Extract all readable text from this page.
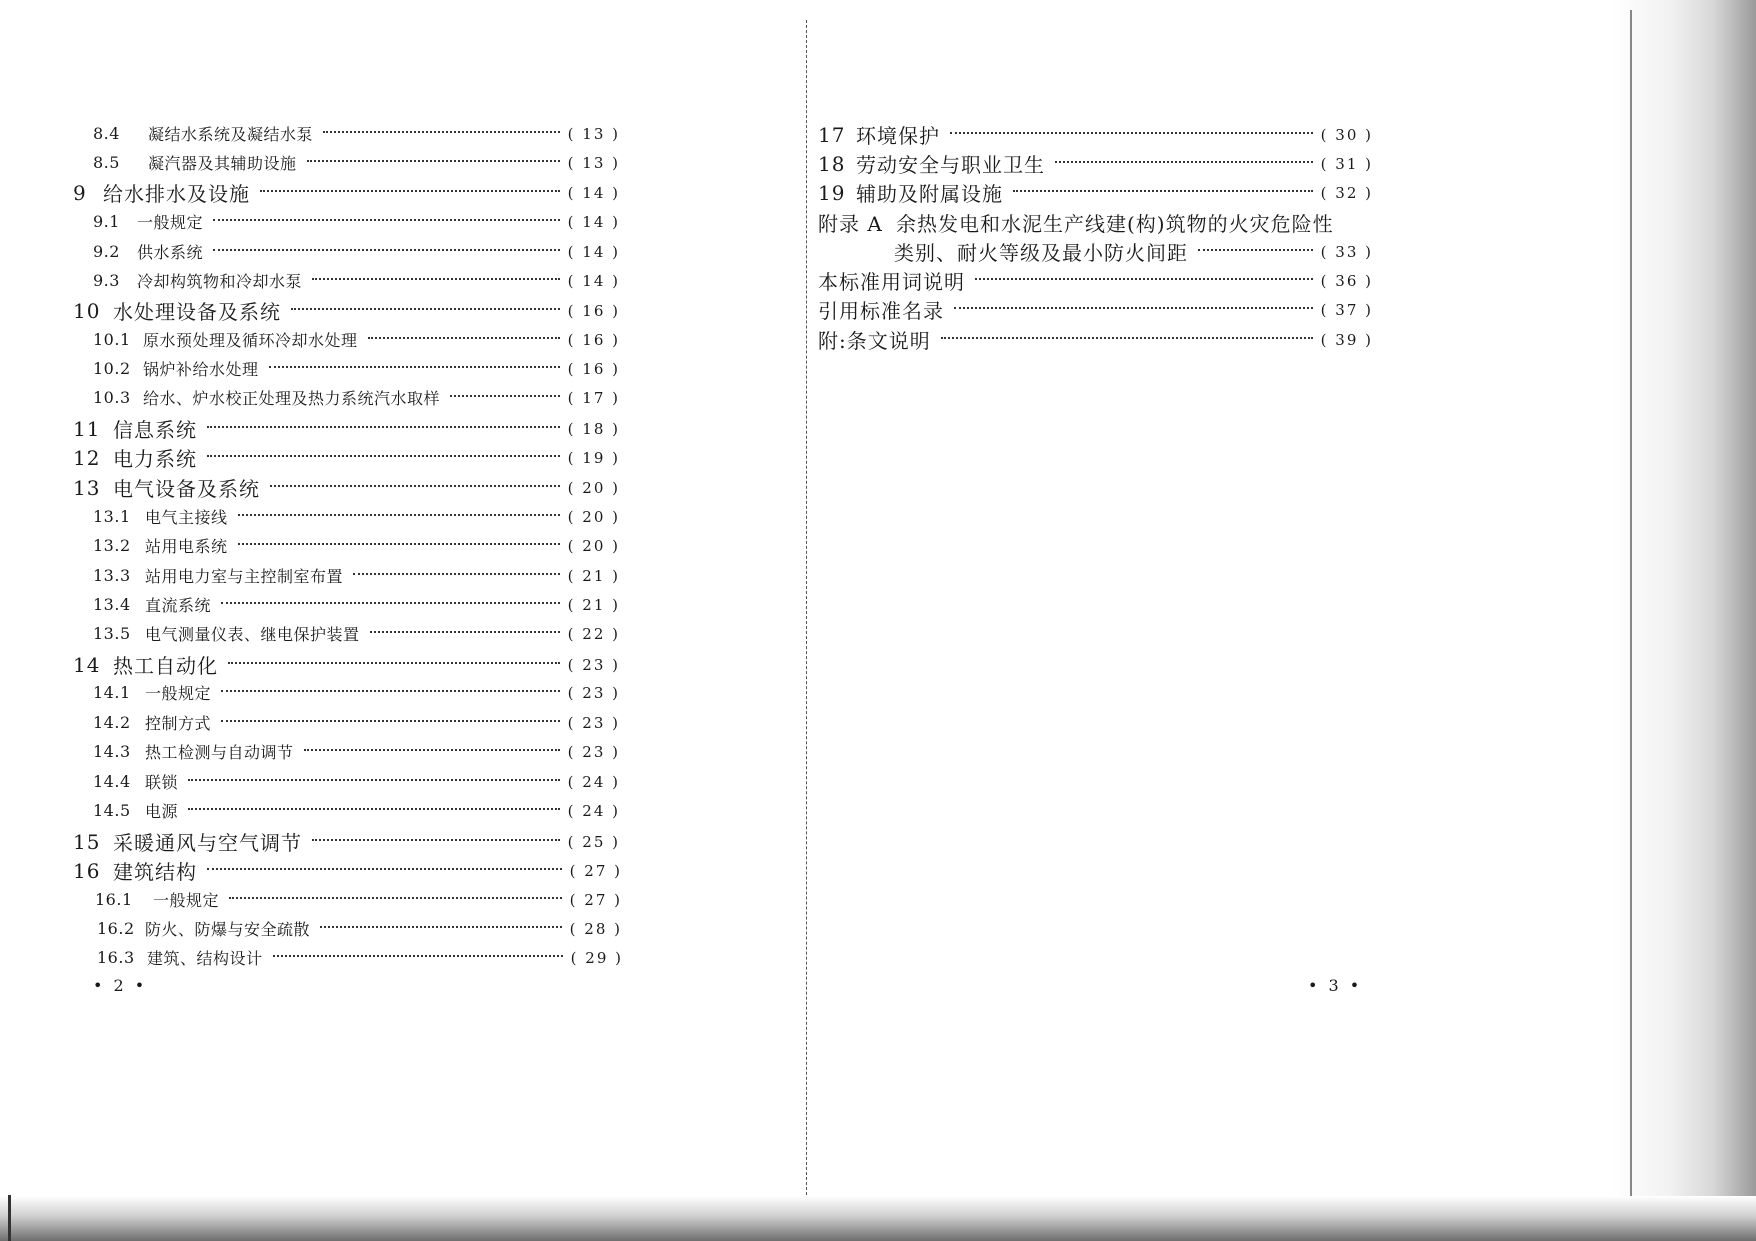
8.4	凝结水系统及凝结水泵	( 13 )
8.5	凝汽器及其辅助设施	( 13 )
9 给水排水及设施	( 14 )
9.1	一般规定	( 14 )
9.2	供水系统	( 14 )
9.3	冷却构筑物和冷却水泵	( 14 )
10 水处理设备及系统	( 16 )
10.1 原水预处理及循环冷却水处理	( 16 )
10.2 锅炉补给水处理	( 16 )
10.3 给水、炉水校正处理及热力系统汽水取样	( 17 )
11 信息系统	( 18 )
12 电力系统	( 19 )
13 电气设备及系统	( 20 )
13.1 电气主接线	( 20 )
13.2 站用电系统	( 20 )
13.3 站用电力室与主控制室布置	( 21 )
13.4 直流系统	( 21 )
13.5 电气测量仪表、继电保护装置	( 22 )
14 热工自动化	( 23 )
14.1 一般规定	( 23 )
14.2 控制方式	( 23 )
14.3 热工检测与自动调节	( 23 )
14.4 联锁	( 24 )
14.5 电源	( 24 )
15 采暖通风与空气调节	( 25 )
16 建筑结构	( 27 )
16.1	一般规定	( 27 )
16.2 防火、防爆与安全疏散	( 28 )
16.3 建筑、结构设计	( 29 )
• 2 •
17 环境保护	( 30 )
18 劳动安全与职业卫生	( 31 )
19 辅助及附属设施	( 32 )
附录 A 余热发电和水泥生产线建(构)筑物的火灾危险性
类别、耐火等级及最小防火间距	( 33 )
本标准用词说明	( 36 )
引用标准名录	( 37 )
附:条文说明	( 39 )
• 3 •
